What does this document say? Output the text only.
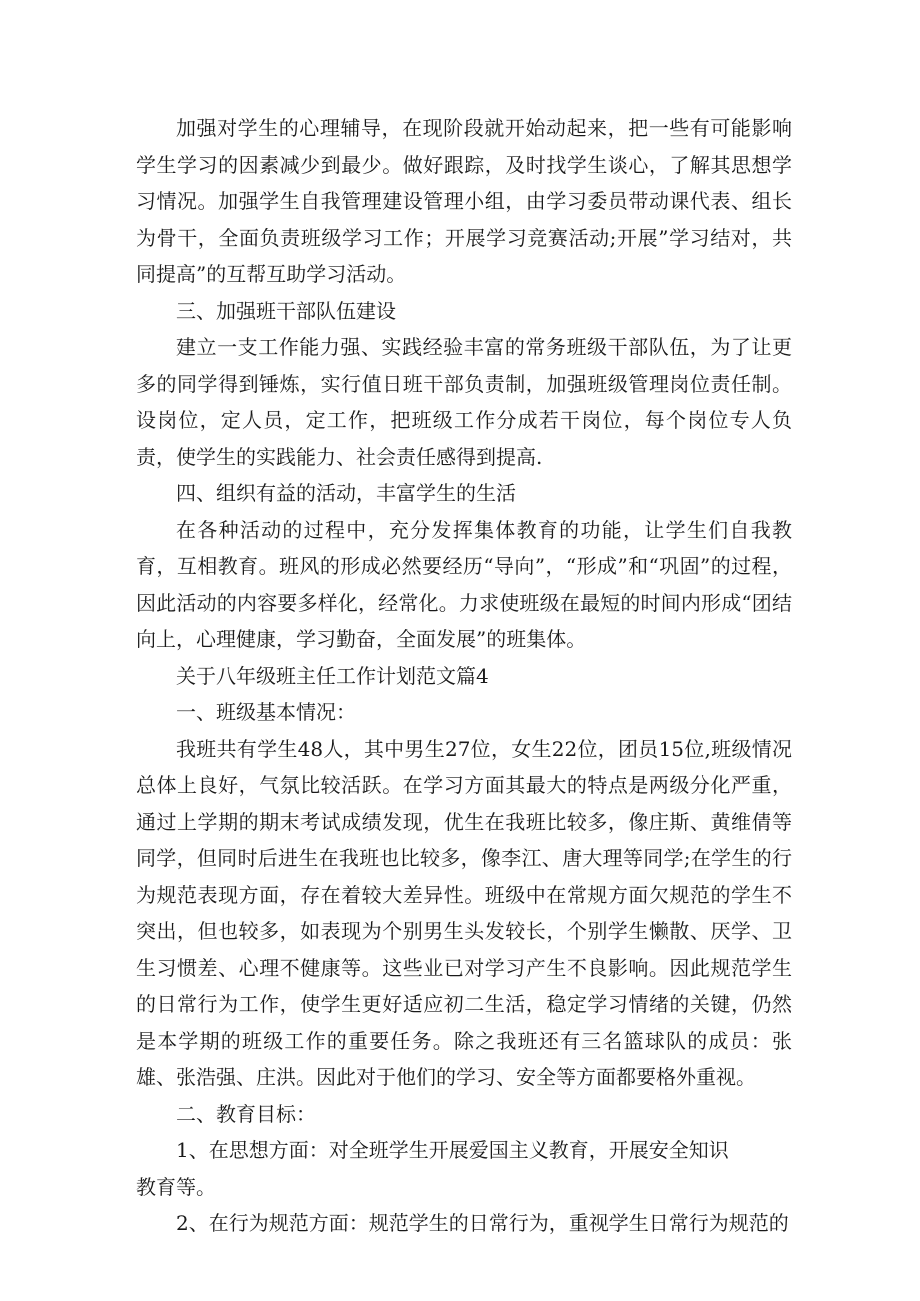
加强对学生的心理辅导，在现阶段就开始动起来，把一些有可能影响学生学习的因素减少到最少。做好跟踪，及时找学生谈心，了解其思想学习情况。加强学生自我管理建设管理小组，由学习委员带动课代表、组长为骨干，全面负责班级学习工作；开展学习竞赛活动;开展”学习结对，共同提高”的互帮互助学习活动。

三、加强班干部队伍建设

建立一支工作能力强、实践经验丰富的常务班级干部队伍，为了让更多的同学得到锤炼，实行值日班干部负责制，加强班级管理岗位责任制。设岗位，定人员，定工作，把班级工作分成若干岗位，每个岗位专人负责，使学生的实践能力、社会责任感得到提高.

四、组织有益的活动，丰富学生的生活

在各种活动的过程中，充分发挥集体教育的功能，让学生们自我教育，互相教育。班风的形成必然要经历“导向”，“形成”和“巩固”的过程，因此活动的内容要多样化，经常化。力求使班级在最短的时间内形成“团结向上，心理健康，学习勤奋，全面发展”的班集体。

关于八年级班主任工作计划范文篇4

一、班级基本情况：

我班共有学生48人，其中男生27位，女生22位，团员15位,班级情况总体上良好，气氛比较活跃。在学习方面其最大的特点是两级分化严重，通过上学期的期末考试成绩发现，优生在我班比较多，像庄斯、黄维倩等同学，但同时后进生在我班也比较多，像李江、唐大理等同学;在学生的行为规范表现方面，存在着较大差异性。班级中在常规方面欠规范的学生不突出，但也较多，如表现为个别男生头发较长，个别学生懒散、厌学、卫生习惯差、心理不健康等。这些业已对学习产生不良影响。因此规范学生的日常行为工作，使学生更好适应初二生活，稳定学习情绪的关键，仍然是本学期的班级工作的重要任务。除之我班还有三名篮球队的成员：张雄、张浩强、庄洪。因此对于他们的学习、安全等方面都要格外重视。

二、教育目标：

1、在思想方面：对全班学生开展爱国主义教育，开展安全知识

教育等。

2、在行为规范方面：规范学生的日常行为，重视学生日常行为规范的
